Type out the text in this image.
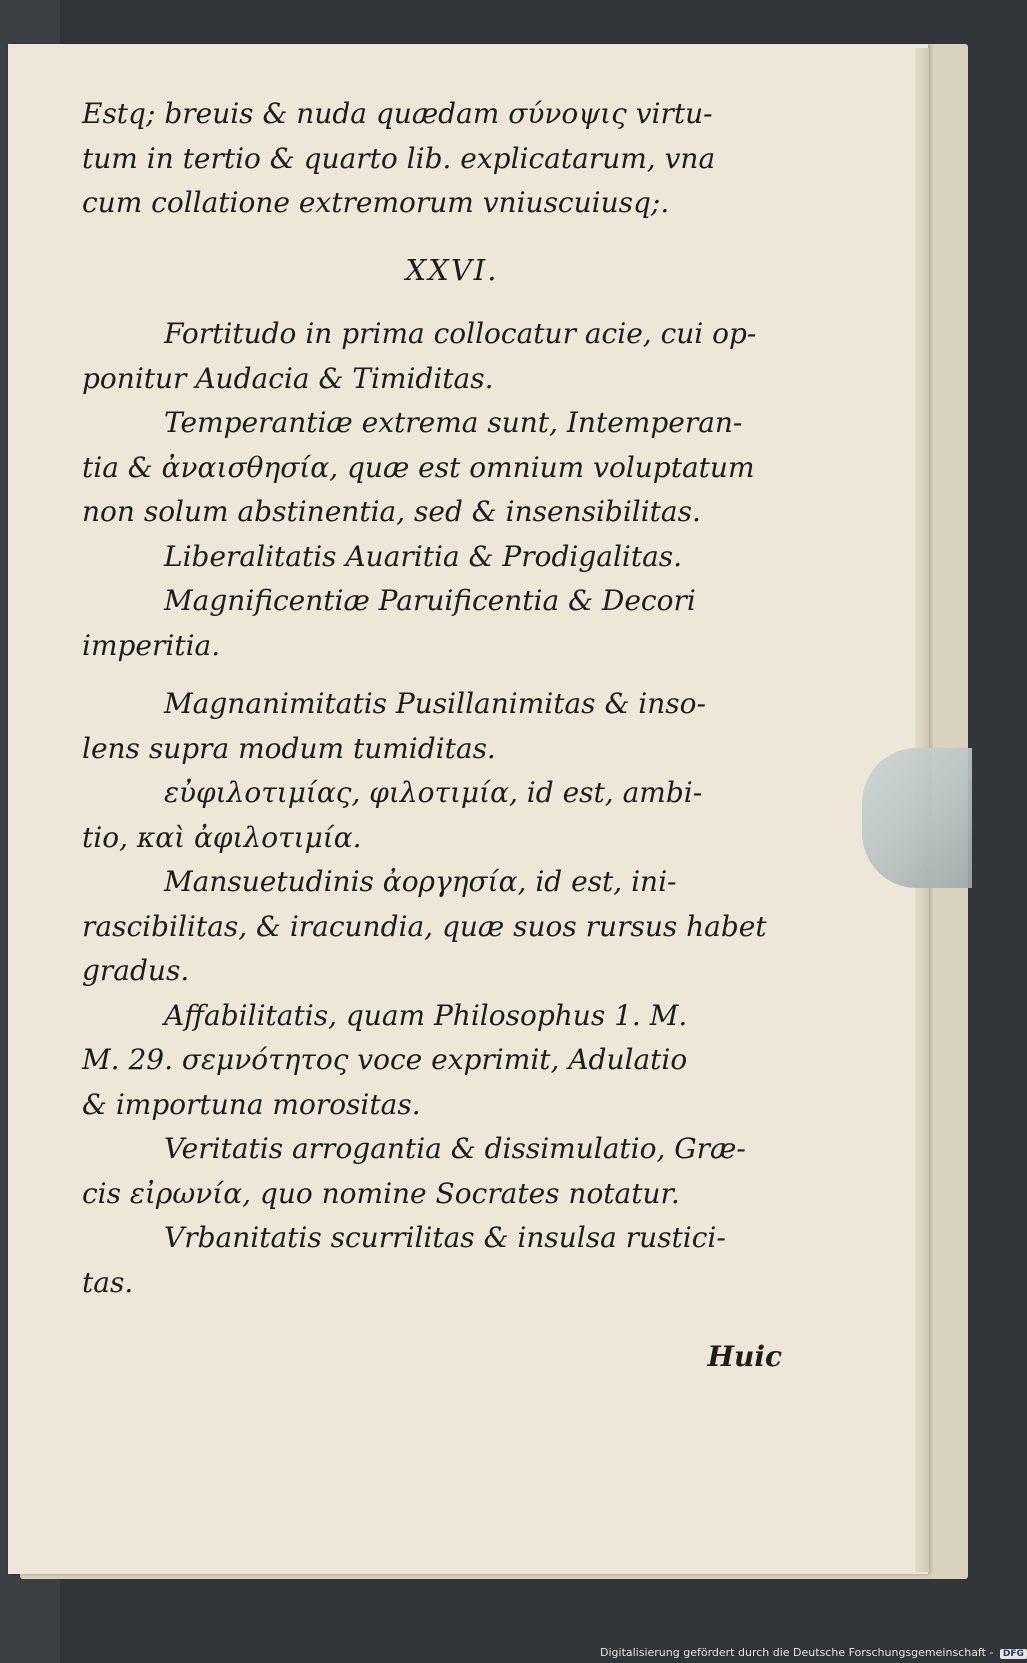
Estq; breuis & nuda quædam σύνοψις virtu-
tum in tertio & quarto lib. explicatarum, vna
cum collatione extremorum vniuscuiusq;.
XXVI.
Fortitudo in prima collocatur acie, cui op-
ponitur Audacia & Timiditas.
Temperantiæ extrema sunt, Intemperan-
tia & ἀναισθησία, quæ est omnium voluptatum
non solum abstinentia, sed & insensibilitas.
Liberalitatis Auaritia & Prodigalitas.
Magnificentiæ Paruificentia & Decori
imperitia.
Magnanimitatis Pusillanimitas & inso-
lens supra modum tumiditas.
εὐφιλοτιμίας, φιλοτιμία, id est, ambi-
tio, καὶ ἀφιλοτιμία.
Mansuetudinis ἀοργησία, id est, ini-
rascibilitas, & iracundia, quæ suos rursus habet
gradus.
Affabilitatis, quam Philosophus 1. M.
M. 29. σεμνότητος voce exprimit, Adulatio
& importuna morositas.
Veritatis arrogantia & dissimulatio, Græ-
cis εἰρωνία, quo nomine Socrates notatur.
Vrbanitatis scurrilitas & insulsa rustici-
tas.
Huic
Digitalisierung gefördert durch die Deutsche Forschungsgemeinschaft - DFG
